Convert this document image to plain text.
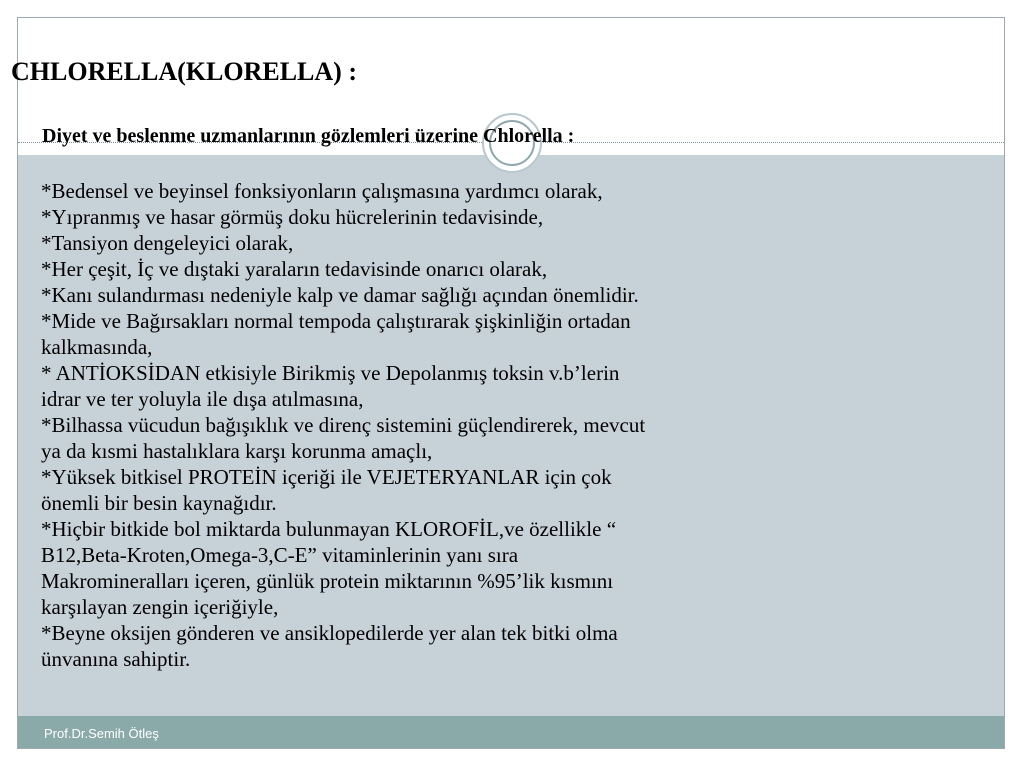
CHLORELLA(KLORELLA) :
Diyet ve beslenme uzmanlarının gözlemleri üzerine Chlorella :
*Bedensel ve beyinsel fonksiyonların çalışmasına yardımcı olarak,
*Yıpranmış ve hasar görmüş doku hücrelerinin tedavisinde,
*Tansiyon dengeleyici olarak,
*Her çeşit, İç ve dıştaki yaraların tedavisinde onarıcı olarak,
*Kanı sulandırması nedeniyle kalp ve damar sağlığı açından önemlidir.
*Mide ve Bağırsakları normal tempoda çalıştırarak şişkinliğin ortadan
kalkmasında,
* ANTİOKSİDAN etkisiyle Birikmiş ve Depolanmış toksin v.b’lerin
idrar ve ter yoluyla ile dışa atılmasına,
*Bilhassa vücudun bağışıklık ve direnç sistemini güçlendirerek, mevcut
ya da kısmi hastalıklara karşı korunma amaçlı,
*Yüksek bitkisel PROTEİN içeriği ile VEJETERYANLAR için çok
önemli bir besin kaynağıdır.
*Hiçbir bitkide bol miktarda bulunmayan KLOROFİL,ve özellikle “
B12,Beta-Kroten,Omega-3,C-E” vitaminlerinin yanı sıra
Makromineralları içeren, günlük protein miktarının %95’lik kısmını
karşılayan zengin içeriğiyle,
*Beyne oksijen gönderen ve ansiklopedilerde yer alan tek bitki olma
ünvanına sahiptir.
Prof.Dr.Semih Ötleş
